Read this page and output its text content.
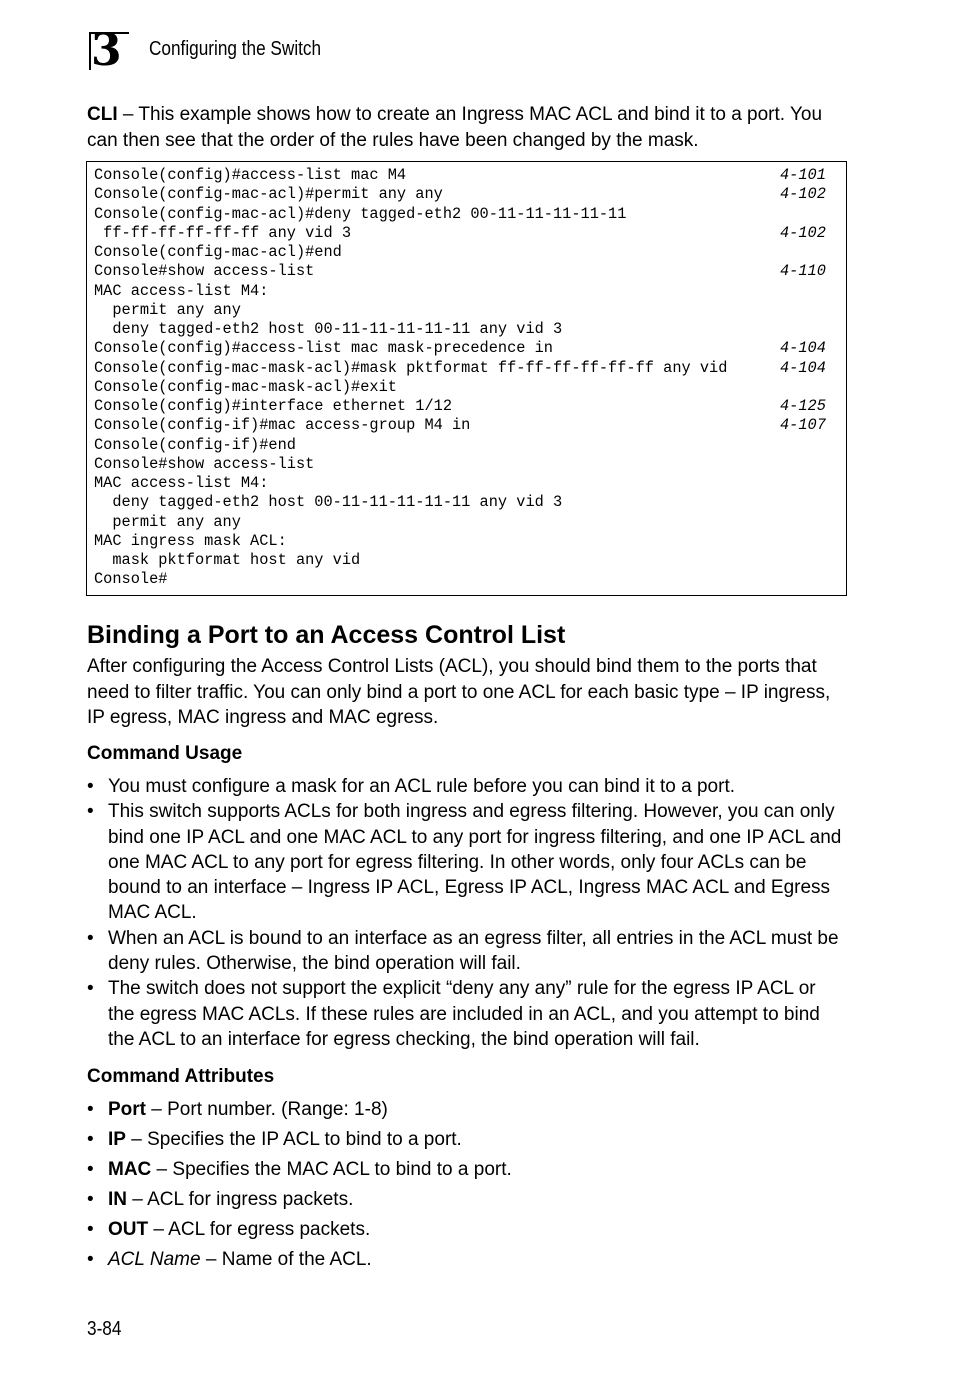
3 Configuring the Switch

CLI – This example shows how to create an Ingress MAC ACL and bind it to a port. You can then see that the order of the rules have been changed by the mask.

Console(config)#access-list mac M4	4-101
Console(config-mac-acl)#permit any any	4-102
Console(config-mac-acl)#deny tagged-eth2 00-11-11-11-11-11
ff-ff-ff-ff-ff-ff any vid 3	4-102
Console(config-mac-acl)#end
Console#show access-list	4-110
MAC access-list M4:
permit any any
deny tagged-eth2 host 00-11-11-11-11-11 any vid 3
Console(config)#access-list mac mask-precedence in	4-104
Console(config-mac-mask-acl)#mask pktformat ff-ff-ff-ff-ff-ff any vid	4-104
Console(config-mac-mask-acl)#exit
Console(config)#interface ethernet 1/12	4-125
Console(config-if)#mac access-group M4 in	4-107
Console(config-if)#end
Console#show access-list
MAC access-list M4:
deny tagged-eth2 host 00-11-11-11-11-11 any vid 3
permit any any
MAC ingress mask ACL:
mask pktformat host any vid
Console#
Binding a Port to an Access Control List

After configuring the Access Control Lists (ACL), you should bind them to the ports that need to filter traffic. You can only bind a port to one ACL for each basic type – IP ingress, IP egress, MAC ingress and MAC egress.

Command Usage
• You must configure a mask for an ACL rule before you can bind it to a port.
• This switch supports ACLs for both ingress and egress filtering. However, you can only bind one IP ACL and one MAC ACL to any port for ingress filtering, and one IP ACL and one MAC ACL to any port for egress filtering. In other words, only four ACLs can be bound to an interface – Ingress IP ACL, Egress IP ACL, Ingress MAC ACL and Egress MAC ACL.
• When an ACL is bound to an interface as an egress filter, all entries in the ACL must be deny rules. Otherwise, the bind operation will fail.
• The switch does not support the explicit “deny any any” rule for the egress IP ACL or the egress MAC ACLs. If these rules are included in an ACL, and you attempt to bind the ACL to an interface for egress checking, the bind operation will fail.
Command Attributes
• Port – Port number. (Range: 1-8)
• IP – Specifies the IP ACL to bind to a port.
• MAC – Specifies the MAC ACL to bind to a port.
• IN – ACL for ingress packets.
• OUT – ACL for egress packets.
• ACL Name – Name of the ACL.
3-84
